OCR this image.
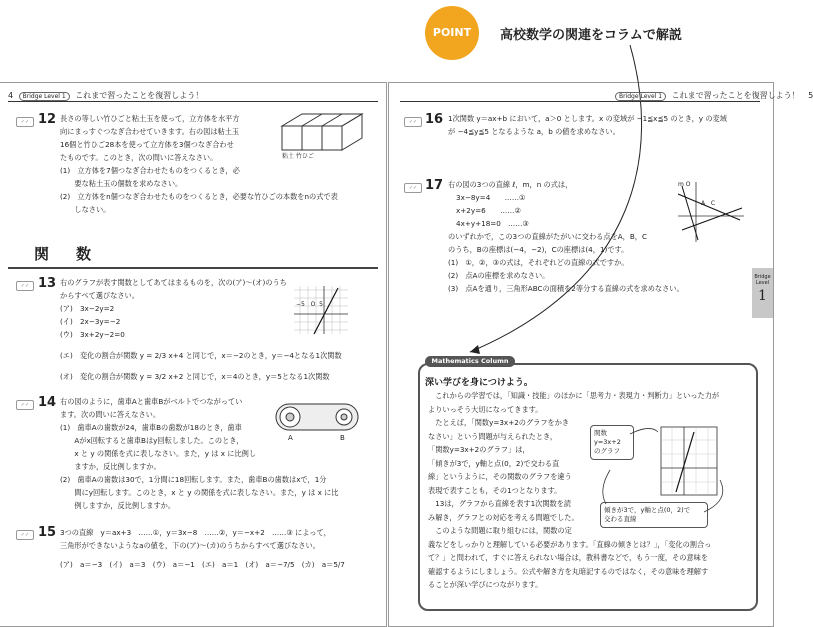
POINT	高校数学の関連をコラムで解説
4 Bridge Level 1 これまで習ったことを復習しよう！
✓✓ 12 長さの等しい竹ひごと粘土玉を使って，立方体を水平方

向にまっすぐつなぎ合わせていきます。右の図は粘土玉

16個と竹ひご28本を使って立方体を3個つなぎ合わせ

たものです。このとき，次の問いに答えなさい。

(1)　立方体を7個つなぎ合わせたものをつくるとき，必

　　要な粘土玉の個数を求めなさい。

(2)　立方体をn個つなぎ合わせたものをつくるとき，必要な竹ひごの本数をnの式で表

　　しなさい。

粘土 竹ひご
関　数
✓✓ 13 右のグラフが表す関数としてあてはまるものを，次の(ア)〜(オ)のうち

からすべて選びなさい。

(ア)　3x−2y=2

(イ)　2x−3y=−2

(ウ)　3x+2y−2=0

(エ)　変化の割合が関数 y = 2/3 x+4 と同じで，x＝−2のとき，y＝−4となる1次関数

(オ)　変化の割合が関数 y = 3/2 x+2 と同じで，x＝4のとき，y＝5となる1次関数

−5 O 5
✓✓ 14 右の図のように，歯車Aと歯車Bがベルトでつながってい

ます。次の問いに答えなさい。

(1)　歯車Aの歯数が24，歯車Bの歯数が18のとき，歯車

　　Aがx回転すると歯車Bはy回転しました。このとき，

　　x と y の関係を式に表しなさい。また，y は x に比例し

　　ますか，反比例しますか。

(2)　歯車Aの歯数は30で，1分間に18回転します。また，歯車Bの歯数はxで，1分

　　間にy回転します。このとき，x と y の関係を式に表しなさい。また，y は x に比

　　例しますか，反比例しますか。

A	B
✓✓ 15 3つの直線　y＝ax+3　……①，y＝3x−8　……②，y＝−x+2　……③ によって，

三角形ができないようなaの値を，下の(ア)〜(カ)のうちからすべて選びなさい。

(ア)　a＝−3　(イ)　a＝3　(ウ)　a＝−1　(エ)　a＝1　(オ)　a＝−7/5　(カ)　a＝5/7

Bridge Level 1 これまで習ったことを復習しよう！ 5
✓✓ 16 1次関数 y＝ax+b において，a＞0 とします。x の変域が −1≦x≦5 のとき，y の変域

が −4≦y≦5 となるような a，b の値を求めなさい。

✓✓ 17 右の図の3つの直線 ℓ，m，n の式は，

3x−8y=4　　……①

x+2y=6　　……②

4x+y+18=0　……③

のいずれかで，この3つの直線がたがいに交わる点をA，B，C

のうち，Bの座標は(−4，−2)，Cの座標は(4，1)です。

(1)　①，②，③の式は，それぞれどの直線の式ですか。

(2)　点Aの座標を求めなさい。

(3)　点Aを通り，三角形ABCの面積を2等分する直線の式を求めなさい。

m O
A C
Bridge Level
1
Mathematics Column
深い学びを身につけよう。

　これからの学習では，「知識・技能」のほかに「思考力・表現力・判断力」といった力が

よりいっそう大切になってきます。

　たとえば，「関数y=3x+2のグラフをかき

なさい」という問題が与えられたとき，

「関数y=3x+2のグラフ」は，

「傾きが3で，y軸と点(0，2)で交わる直

線」というように，その関数のグラフを違う

表現で表すことも，その1つとなります。

　13は，グラフから直線を表す1次関数を読

み解き，グラフとの対応を考える問題でした。

　このような問題に取り組むには，関数の定

義などをしっかりと理解している必要があります。「直線の傾きとは？」，「変化の割合っ

て？」と問われて，すぐに答えられない場合は，教科書などで，もう一度，その意味を

確認するようにしましょう。公式や解き方を丸暗記するのではなく，その意味を理解す

ることが深い学びにつながります。

関数
y=3x+2
のグラフ
傾きが3で，y軸と点(0，2)で
交わる直線
